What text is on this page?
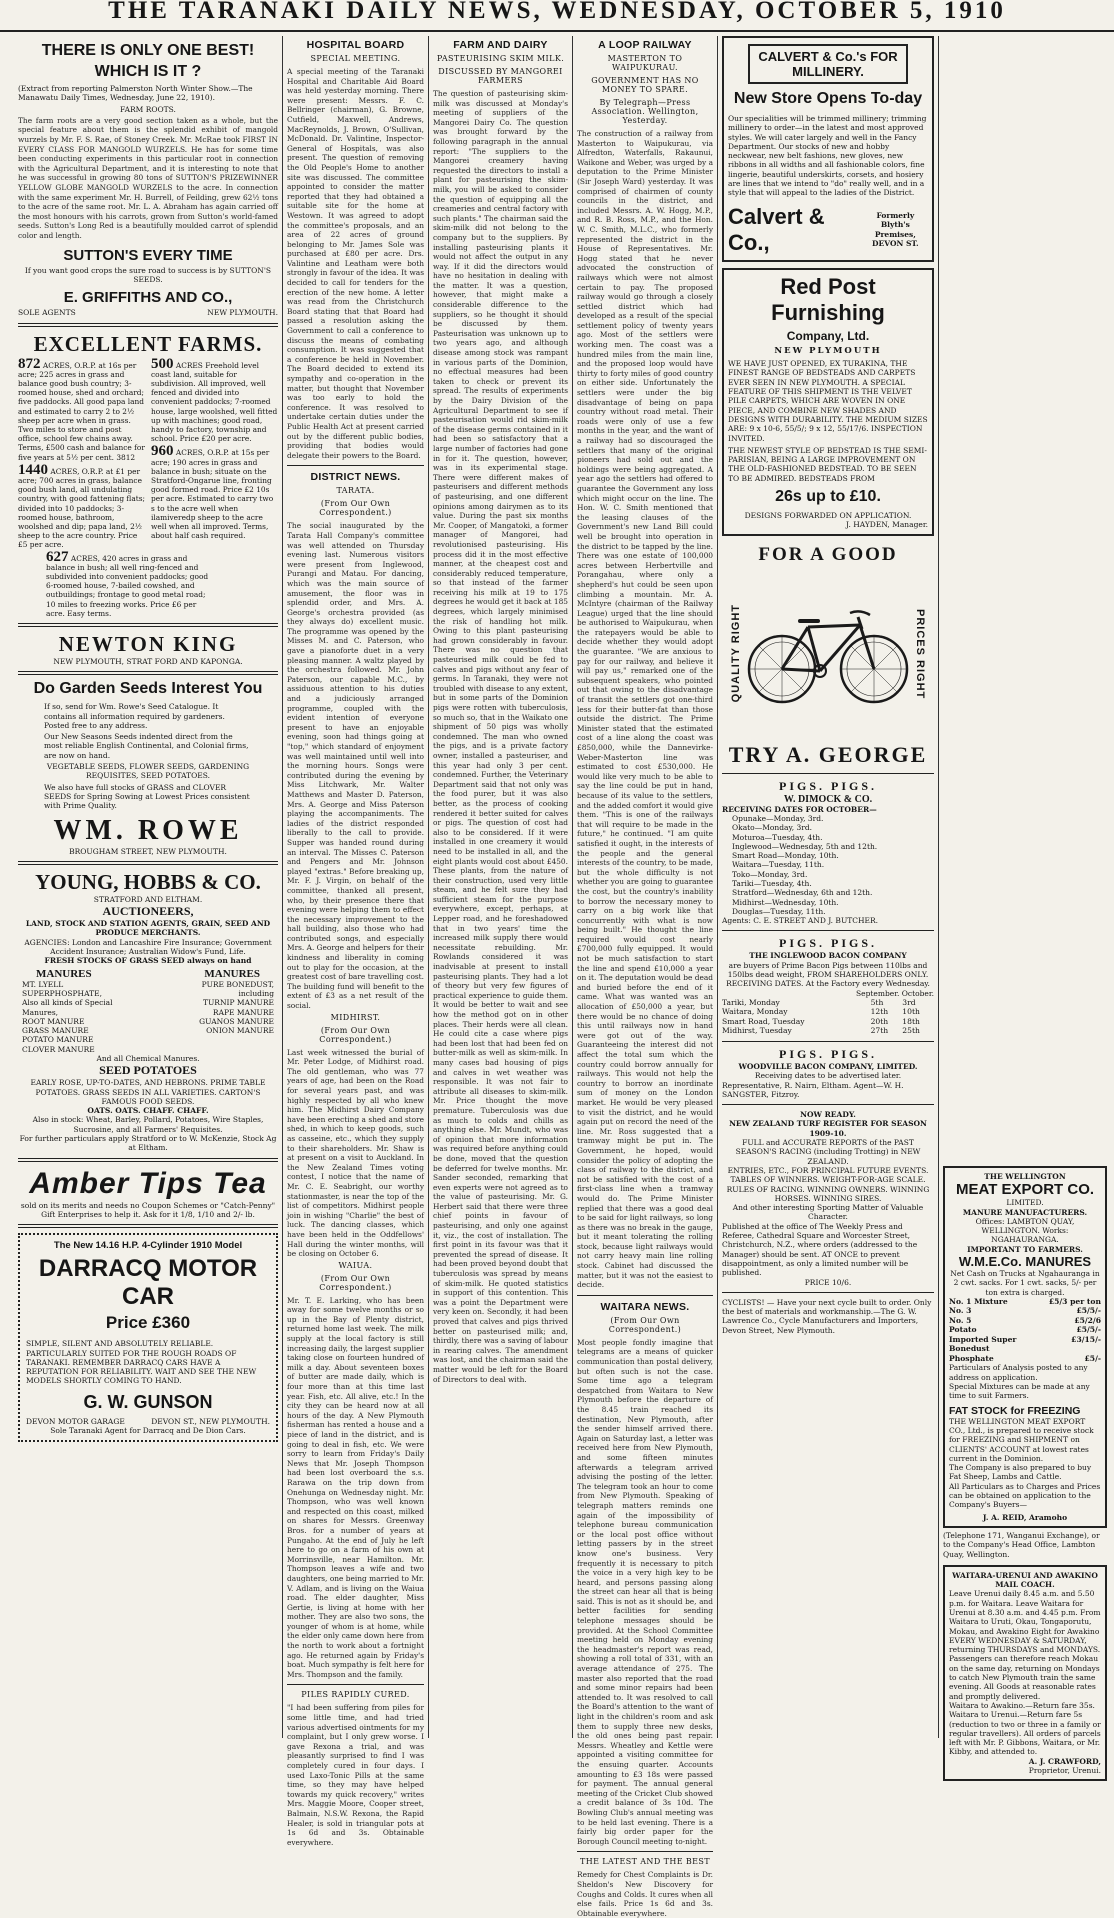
THE TARANAKI DAILY NEWS, WEDNESDAY, OCTOBER 5, 1910
THERE IS ONLY ONE BEST!
WHICH IS IT ?
(Extract from reporting Palmerston North Winter Show.—The Manawatu Daily Times, Wednesday, June 22, 1910).
FARM ROOTS.
The farm roots are a very good section taken as a whole, but the special feature about them is the splendid exhibit of mangold wurzels by Mr. F. S. Rae, of Stoney Creek. Mr. McRae took FIRST IN EVERY CLASS FOR MANGOLD WURZELS. He has for some time been conducting experiments in this particular root in connection with the Agricultural Department, and it is interesting to note that he was successful in growing 80 tons of SUTTON'S PRIZEWINNER YELLOW GLOBE MANGOLD WURZELS to the acre. In connection with the same experiment Mr. H. Burrell, of Feilding, grew 62½ tons to the acre of the same root. Mr. L. A. Abraham has again carried off the most honours with his carrots, grown from Sutton's world-famed seeds. Sutton's Long Red is a beautifully moulded carrot of splendid color and length.
SUTTON'S EVERY TIME
If you want good crops the sure road to success is by SUTTON'S SEEDS.
E. GRIFFITHS AND CO.,
SOLE AGENTS	NEW PLYMOUTH.
EXCELLENT FARMS.
872 ACRES, O.R.P. at 16s per acre; 225 acres in grass and balance good bush country; 3-roomed house, shed and orchard; five paddocks. All good papa land and estimated to carry 2 to 2½ sheep per acre when in grass. Two miles to store and post office, school few chains away. Terms, £500 cash and balance for five years at 5½ per cent. 3812
1440 ACRES, O.R.P. at £1 per acre; 700 acres in grass, balance good bush land, all undulating country, with good fattening flats; divided into 10 paddocks; 3-roomed house, bathroom, woolshed and dip; papa land, 2½ sheep to the acre country. Price £5 per acre.
500 ACRES Freehold level coast land, suitable for subdivision. All improved, well fenced and divided into convenient paddocks; 7-roomed house, large woolshed, well fitted up with machines; good road, handy to factory, township and school. Price £20 per acre.
960 ACRES, O.R.P. at 15s per acre; 190 acres in grass and balance in bush; situate on the Stratford-Ongarue line, fronting good formed road. Price £2 10s per acre. Estimated to carry two s to the acre well when ilamiveredp sheep to the acre well when all improved. Terms, about half cash required.
627 ACRES, 420 acres in grass and balance in bush; all well ring-fenced and subdivided into convenient paddocks; good 6-roomed house, 7-bailed cowshed, and outbuildings; frontage to good metal road; 10 miles to freezing works. Price £6 per acre. Easy terms.
NEWTON KING
NEW PLYMOUTH, STRAT FORD AND KAPONGA.
Do Garden Seeds Interest You
If so, send for Wm. Rowe's Seed Catalogue. It contains all information required by gardeners. Posted free to any address.
Our New Seasons Seeds indented direct from the most reliable English Continental, and Colonial firms, are now on hand.
VEGETABLE SEEDS, FLOWER SEEDS, GARDENING REQUISITES, SEED POTATOES.
We also have full stocks of GRASS and CLOVER SEEDS for Spring Sowing at Lowest Prices consistent with Prime Quality.
WM. ROWE
BROUGHAM STREET, NEW PLYMOUTH.
YOUNG, HOBBS & CO.
STRATFORD AND ELTHAM.
AUCTIONEERS,
LAND, STOCK AND STATION AGENTS, GRAIN, SEED AND PRODUCE MERCHANTS.
AGENCIES: London and Lancashire Fire Insurance; Government Accident Insurance; Australian Widow's Fund, Life.
FRESH STOCKS OF GRASS SEED always on hand
MANURES	MANURES
MT. LYELL SUPERPHOSPHATE,
Also all kinds of Special Manures,
ROOT MANURE
GRASS MANURE
POTATO MANURE
CLOVER MANURE
PURE BONEDUST,
including
TURNIP MANURE
RAPE MANURE
GUANOS MANURE
ONION MANURE
And all Chemical Manures.
SEED POTATOES
EARLY ROSE, UP-TO-DATES, AND HEBRONS. PRIME TABLE POTATOES. GRASS SEEDS IN ALL VARIETIES. CARTON'S FAMOUS FOOD SEEDS.
OATS. OATS. CHAFF. CHAFF.
Also in stock: Wheat, Barley, Pollard, Potatoes, Wire Staples, Sucrosine, and all Farmers' Requisites.
For further particulars apply Stratford or to W. McKenzie, Stock Ag at Eltham.
Amber Tips Tea
sold on its merits and needs no Coupon Schemes or "Catch-Penny" Gift Enterprises to help it. Ask for it 1/8, 1/10 and 2/- lb.
The New 14.16 H.P. 4-Cylinder 1910 Model
DARRACQ MOTOR CAR
Price £360
SIMPLE, SILENT AND ABSOLUTELY RELIABLE. PARTICULARLY SUITED FOR THE ROUGH ROADS OF TARANAKI. REMEMBER DARRACQ CARS HAVE A REPUTATION FOR RELIABILITY. WAIT AND SEE THE NEW MODELS SHORTLY COMING TO HAND.
G. W. GUNSON
DEVON MOTOR GARAGE	DEVON ST., NEW PLYMOUTH.
Sole Taranaki Agent for Darracq and De Dion Cars.
HOSPITAL BOARD
SPECIAL MEETING.
A special meeting of the Taranaki Hospital and Charitable Aid Board was held yesterday morning. There were present: Messrs. F. C. Bellringer (chairman), G. Browne, Cutfield, Maxwell, Andrews, MacReynolds, J. Brown, O'Sullivan, McDonald. Dr. Valintine, Inspector-General of Hospitals, was also present. The question of removing the Old People's Home to another site was discussed. The committee appointed to consider the matter reported that they had obtained a suitable site for the home at Westown. It was agreed to adopt the committee's proposals, and an area of 22 acres of ground belonging to Mr. James Sole was purchased at £80 per acre. Drs. Valintine and Leatham were both strongly in favour of the idea. It was decided to call for tenders for the erection of the new home. A letter was read from the Christchurch Board stating that that Board had passed a resolution asking the Government to call a conference to discuss the means of combating consumption. It was suggested that a conference be held in November. The Board decided to extend its sympathy and co-operation in the matter, but thought that November was too early to hold the conference. It was resolved to undertake certain duties under the Public Health Act at present carried out by the different public bodies, providing that bodies would delegate their powers to the Board.
DISTRICT NEWS.
TARATA.
(From Our Own Correspondent.)
The social inaugurated by the Tarata Hall Company's committee was well attended on Thursday evening last. Numerous visitors were present from Inglewood, Purangi and Matau. For dancing, which was the main source of amusement, the floor was in splendid order, and Mrs. A. George's orchestra provided (as they always do) excellent music. The programme was opened by the Misses M. and C. Paterson, who gave a pianoforte duet in a very pleasing manner. A waltz played by the orchestra followed. Mr. John Paterson, our capable M.C., by assiduous attention to his duties and a judiciously arranged programme, coupled with the evident intention of everyone present to have an enjoyable evening, soon had things going at "top," which standard of enjoyment was well maintained until well into the morning hours. Songs were contributed during the evening by Miss Litchwark, Mr. Walter Matthews and Master D. Paterson, Mrs. A. George and Miss Paterson playing the accompaniments. The ladies of the district responded liberally to the call to provide. Supper was handed round during an interval. The Misses C. Paterson and Pengers and Mr. Johnson played "extras." Before breaking up, Mr. F. J. Virgin, on behalf of the committee, thanked all present, who, by their presence there that evening were helping them to effect the necessary improvement to the hall building, also those who had contributed songs, and especially Mrs. A. George and helpers for their kindness and liberality in coming out to play for the occasion, at the greatest cost of bare travelling cost. The building fund will benefit to the extent of £3 as a net result of the social.
MIDHIRST.
(From Our Own Correspondent.)
Last week witnessed the burial of Mr. Peter Lodge, of Midhirst road. The old gentleman, who was 77 years of age, had been on the Road for several years past, and was highly respected by all who knew him. The Midhirst Dairy Company have been erecting a shed and store shed, in which to keep goods, such as casseine, etc., which they supply to their shareholders. Mr. Shaw is at present on a visit to Auckland. In the New Zealand Times voting contest, I notice that the name of Mr. C. E. Seabright, our worthy stationmaster, is near the top of the list of competitors. Midhirst people join in wishing "Charlie" the best of luck. The dancing classes, which have been held in the Oddfellows' Hall during the winter months, will be closing on October 6.
WAIUA.
(From Our Own Correspondent.)
Mr. T. E. Larking, who has been away for some twelve months or so up in the Bay of Plenty district, returned home last week. The milk supply at the local factory is still increasing daily, the largest supplier taking close on fourteen hundred of milk a day. About seventeen boxes of butter are made daily, which is four more than at this time last year. Fish, etc. All alive, etc.! In the city they can be heard now at all hours of the day. A New Plymouth fisherman has rented a house and a piece of land in the district, and is going to deal in fish, etc. We were sorry to learn from Friday's Daily News that Mr. Joseph Thompson had been lost overboard the s.s. Rarawa on the trip down from Onehunga on Wednesday night. Mr. Thompson, who was well known and respected on this coast, milked on shares for Messrs. Greenway Bros. for a number of years at Pungaho. At the end of July he left here to go on a farm of his own at Morrinsville, near Hamilton. Mr. Thompson leaves a wife and two daughters, one being married to Mr. V. Adlam, and is living on the Waiua road. The elder daughter, Miss Gertie, is living at home with her mother. They are also two sons, the younger of whom is at home, while the elder only came down here from the north to work about a fortnight ago. He returned again by Friday's boat. Much sympathy is felt here for Mrs. Thompson and the family.
PILES RAPIDLY CURED.
"I had been suffering from piles for some little time, and had tried various advertised ointments for my complaint, but I only grew worse. I gave Rexona a trial, and was pleasantly surprised to find I was completely cured in four days. I used Laxo-Tonic Pills at the same time, so they may have helped towards my quick recovery," writes Mrs. Maggie Moore, Cooper street, Balmain, N.S.W. Rexona, the Rapid Healer, is sold in triangular pots at 1s 6d and 3s. Obtainable everywhere.
FARM AND DAIRY
PASTEURISING SKIM MILK.
DISCUSSED BY MANGOREI FARMERS
The question of pasteurising skim-milk was discussed at Monday's meeting of suppliers of the Mangorei Dairy Co. The question was brought forward by the following paragraph in the annual report: "The suppliers to the Mangorei creamery having requested the directors to install a plant for pasteurising the skim-milk, you will be asked to consider the question of equipping all the creameries and central factory with such plants." The chairman said the skim-milk did not belong to the company but to the suppliers. By installing pasteurising plants it would not affect the output in any way. If it did the directors would have no hesitation in dealing with the matter. It was a question, however, that might make a considerable difference to the suppliers, so he thought it should be discussed by them. Pasteurisation was unknown up to two years ago, and although disease among stock was rampant in various parts of the Dominion, no effectual measures had been taken to check or prevent its spread. The results of experiments by the Dairy Division of the Agricultural Department to see if pasteurisation would rid skim-milk of the disease germs contained in it had been so satisfactory that a large number of factories had gone in for it. The question, however, was in its experimental stage. There were different makes of pasteurisers and different methods of pasteurising, and one different opinions among dairymen as to its value. During the past six months Mr. Cooper, of Mangatoki, a former manager of Mangorei, had revolutionised pasteurising. His process did it in the most effective manner, at the cheapest cost and considerably reduced temperature, so that instead of the farmer receiving his milk at 19 to 175 degrees he would get it back at 185 degrees, which largely minimised the risk of handling hot milk. Owing to this plant pasteurising had grown considerably in favour. There was no question that pasteurised milk could be fed to calves and pigs without any fear of germs. In Taranaki, they were not troubled with disease to any extent, but in some parts of the Dominion pigs were rotten with tuberculosis, so much so, that in the Waikato one shipment of 50 pigs was wholly condemned. The man who owned the pigs, and is a private factory owner, installed a pasteuriser, and this year had only 3 per cent. condemned. Further, the Veterinary Department said that not only was the food purer, but it was also better, as the process of cooking rendered it better suited for calves or pigs. The question of cost had also to be considered. If it were installed in one creamery it would need to be installed in all, and the eight plants would cost about £450. These plants, from the nature of their construction, used very little steam, and he felt sure they had sufficient steam for the purpose everywhere, except, perhaps, at Lepper road, and he foreshadowed that in two years' time the increased milk supply there would necessitate rebuilding. Mr. Rowlands considered it was inadvisable at present to install pasteurising plants. They had a lot of theory but very few figures of practical experience to guide them. It would be better to wait and see how the method got on in other places. Their herds were all clean. He could cite a case where pigs had been lost that had been fed on butter-milk as well as skim-milk. In many cases bad housing of pigs and calves in wet weather was responsible. It was not fair to attribute all diseases to skim-milk. Mr. Price thought the move premature. Tuberculosis was due as much to colds and chills as anything else. Mr. Mundt, who was of opinion that more information was required before anything could be done, moved that the question be deferred for twelve months. Mr. Sander seconded, remarking that even experts were not agreed as to the value of pasteurising. Mr. G. Herbert said that there were three chief points in favour of pasteurising, and only one against it, viz., the cost of installation. The first point in its favour was that it prevented the spread of disease. It had been proved beyond doubt that tuberculosis was spread by means of skim-milk. He quoted statistics in support of this contention. This was a point the Department were very keen on. Secondly, it had been proved that calves and pigs thrived better on pasteurised milk; and, thirdly, there was a saving of labour in rearing calves. The amendment was lost, and the chairman said the matter would be left for the Board of Directors to deal with.
A LOOP RAILWAY
MASTERTON TO WAIPUKURAU.
GOVERNMENT HAS NO MONEY TO SPARE.
By Telegraph—Press Association. Wellington, Yesterday.
The construction of a railway from Masterton to Waipukurau, via Alfredton, Waterfalls, Rakaunui, Waikone and Weber, was urged by a deputation to the Prime Minister (Sir Joseph Ward) yesterday. It was comprised of chairmen of county councils in the district, and included Messrs. A. W. Hogg, M.P., and R. B. Ross, M.P., and the Hon. W. C. Smith, M.L.C., who formerly represented the district in the House of Representatives. Mr. Hogg stated that he never advocated the construction of railways which were not almost certain to pay. The proposed railway would go through a closely settled district which had developed as a result of the special settlement policy of twenty years ago. Most of the settlers were working men. The coast was a hundred miles from the main line, and the proposed loop would have thirty to forty miles of good country on either side. Unfortunately the settlers were under the big disadvantage of being on papa country without road metal. Their roads were only of use a few months in the year, and the want of a railway had so discouraged the settlers that many of the original pioneers had sold out and the holdings were being aggregated. A year ago the settlers had offered to guarantee the Government any loss which might occur on the line. The Hon. W. C. Smith mentioned that the leasing clauses of the Government's new Land Bill could well be brought into operation in the district to be tapped by the line. There was one estate of 100,000 acres between Herbertville and Porangahau, where only a shepherd's hut could be seen upon climbing a mountain. Mr. A. McIntyre (chairman of the Railway League) urged that the line should be authorised to Waipukurau, when the ratepayers would be able to decide whether they would adopt the guarantee. "We are anxious to pay for our railway, and believe it will pay us," remarked one of the subsequent speakers, who pointed out that owing to the disadvantage of transit the settlers got one-third less for their butter-fat than those outside the district. The Prime Minister stated that the estimated cost of a line along the coast was £850,000, while the Dannevirke-Weber-Masterton line was estimated to cost £530,000. He would like very much to be able to say the line could be put in hand, because of its value to the settlers, and the added comfort it would give them. "This is one of the railways that will require to be made in the future," he continued. "I am quite satisfied it ought, in the interests of the people and the general interests of the country, to be made, but the whole difficulty is not whether you are going to guarantee the cost, but the country's inability to borrow the necessary money to carry on a big work like that concurrently with what is now being built." He thought the line required would cost nearly £700,000 fully equipped. It would not be much satisfaction to start the line and spend £10,000 a year on it. The deputation would be dead and buried before the end of it came. What was wanted was an allocation of £50,000 a year, but there would be no chance of doing this until railways now in hand were got out of the way. Guaranteeing the interest did not affect the total sum which the country could borrow annually for railways. This would not help the country to borrow an inordinate sum of money on the London market. He would be very pleased to visit the district, and he would again put on record the need of the line. Mr. Ross suggested that a tramway might be put in. The Government, he hoped, would consider the policy of adopting the class of railway to the district, and not be satisfied with the cost of a first-class line when a tramway would do. The Prime Minister replied that there was a good deal to be said for light railways, so long as there was no break in the gauge, but it meant tolerating the rolling stock, because light railways would not carry heavy main line rolling stock. Cabinet had discussed the matter, but it was not the easiest to decide.
WAITARA NEWS.
(From Our Own Correspondent.)
Most people fondly imagine that telegrams are a means of quicker communication than postal delivery, but often such is not the case. Some time ago a telegram despatched from Waitara to New Plymouth before the departure of the 8.45 train reached its destination, New Plymouth, after the sender himself arrived there. Again on Saturday last, a letter was received here from New Plymouth, and some fifteen minutes afterwards a telegram arrived advising the posting of the letter. The telegram took an hour to come from New Plymouth. Speaking of telegraph matters reminds one again of the impossibility of telephone bureau communication or the local post office without letting passers by in the street know one's business. Very frequently it is necessary to pitch the voice in a very high key to be heard, and persons passing along the street can hear all that is being said. This is not as it should be, and better facilities for sending telephone messages should be provided. At the School Committee meeting held on Monday evening the headmaster's report was read, showing a roll total of 331, with an average attendance of 275. The master also reported that the road and some minor repairs had been attended to. It was resolved to call the Board's attention to the want of light in the children's room and ask them to supply three new desks, the old ones being past repair. Messrs. Wheatley and Kettle were appointed a visiting committee for the ensuing quarter. Accounts amounting to £3 18s were passed for payment. The annual general meeting of the Cricket Club showed a credit balance of 3s 10d. The Bowling Club's annual meeting was to be held last evening. There is a fairly big order paper for the Borough Council meeting to-night.
THE LATEST AND THE BEST
Remedy for Chest Complaints is Dr. Sheldon's New Discovery for Coughs and Colds. It cures when all else fails. Price 1s 6d and 3s. Obtainable everywhere.
CALVERT & Co.'s FOR MILLINERY.
New Store Opens To-day
Our specialities will be trimmed millinery; trimming millinery to order—in the latest and most approved styles. We will cater largely and well in the Fancy Department. Our stocks of new and hobby neckwear, new belt fashions, new gloves, new ribbons in all widths and all fashionable colors, fine lingerie, beautiful underskirts, corsets, and hosiery are lines that we intend to "do" really well, and in a style that will appeal to the ladies of the District.
Calvert & Co.,
Formerly Blyth's Premises, DEVON ST.
Red Post Furnishing
Company, Ltd.
NEW PLYMOUTH
WE HAVE JUST OPENED, EX TURAKINA, THE FINEST RANGE OF BEDSTEADS AND CARPETS EVER SEEN IN NEW PLYMOUTH. A SPECIAL FEATURE OF THIS SHIPMENT IS THE VELVET PILE CARPETS, WHICH ARE WOVEN IN ONE PIECE, AND COMBINE NEW SHADES AND DESIGNS WITH DURABILITY. THE MEDIUM SIZES ARE: 9 x 10-6, 55/5/; 9 x 12, 55/17/6. INSPECTION INVITED.
THE NEWEST STYLE OF BEDSTEAD IS THE SEMI-PARISIAN, BEING A LARGE IMPROVEMENT ON THE OLD-FASHIONED BEDSTEAD. TO BE SEEN TO BE ADMIRED. BEDSTEADS FROM
26s up to £10.
DESIGNS FORWARDED ON APPLICATION.
J. HAYDEN, Manager.
FOR A GOOD
QUALITY RIGHT	PRICES RIGHT
TRY A. GEORGE
PIGS. PIGS.
W. DIMOCK & CO.
RECEIVING DATES FOR OCTOBER—
Opunake—Monday, 3rd.
Okato—Monday, 3rd.
Moturoa—Tuesday, 4th.
Inglewood—Wednesday, 5th and 12th.
Smart Road—Monday, 10th.
Waitara—Tuesday, 11th.
Toko—Monday, 3rd.
Tariki—Tuesday, 4th.
Stratford—Wednesday, 6th and 12th.
Midhirst—Wednesday, 10th.
Douglas—Tuesday, 11th.
Agents: C. E. STREET AND J. BUTCHER.
PIGS. PIGS.
THE INGLEWOOD BACON COMPANY
are buyers of Prime Bacon Pigs between 110lbs and 150lbs dead weight, FROM SHAREHOLDERS ONLY.
RECEIVING DATES. At the Factory every Wednesday.
September. October.
Tariki, Monday	5th	3rd
Waitara, Monday	12th	10th
Smart Road, Tuesday	20th	18th
Midhirst, Tuesday	27th	25th
PIGS. PIGS.
WOODVILLE BACON COMPANY, LIMITED.
Receiving dates to be advertised later.
Representative, R. Nairn, Eltham. Agent—W. H. SANGSTER, Fitzroy.
NOW READY.
NEW ZEALAND TURF REGISTER FOR SEASON 1909-10.
FULL and ACCURATE REPORTS of the PAST SEASON'S RACING (including Trotting) in NEW ZEALAND.
ENTRIES, ETC., FOR PRINCIPAL FUTURE EVENTS. TABLES OF WINNERS. WEIGHT-FOR-AGE SCALE. RULES OF RACING. WINNING OWNERS. WINNING HORSES. WINNING SIRES.
And other interesting Sporting Matter of Valuable Character.
Published at the office of The Weekly Press and Referee, Cathedral Square and Worcester Street, Christchurch, N.Z., where orders (addressed to the Manager) should be sent. AT ONCE to prevent disappointment, as only a limited number will be published.
PRICE 10/6.
CYCLISTS! — Have your next cycle built to order. Only the best of materials and workmanship.—The G. W. Lawrence Co., Cycle Manufacturers and Importers, Devon Street, New Plymouth.
THE WELLINGTON
MEAT EXPORT CO.
LIMITED.
MANURE MANUFACTURERS.
Offices: LAMBTON QUAY, WELLINGTON. Works: NGAHAURANGA.
IMPORTANT TO FARMERS.
W.M.E.Co. MANURES
Net Cash on Trucks at Ngahauranga in 2 cwt. sacks. For 1 cwt. sacks, 5/- per ton extra is charged.
No. 1 Mixture	£5/3 per ton
No. 3	£5/5/-
No. 5	£5/2/6
Potato	£5/5/-
Imported Super	£3/15/-
Bonedust	
Phosphate	£5/-
Particulars of Analysis posted to any address on application.
Special Mixtures can be made at any time to suit Farmers.
FAT STOCK for FREEZING
THE WELLINGTON MEAT EXPORT CO., Ltd., is prepared to receive stock for FREEZING and SHIPMENT on CLIENTS' ACCOUNT at lowest rates current in the Dominion.
The Company is also prepared to buy Fat Sheep, Lambs and Cattle.
All Particulars as to Charges and Prices can be obtained on application to the Company's Buyers—
J. A. REID, Aramoho
(Telephone 171, Wanganui Exchange), or to the Company's Head Office, Lambton Quay, Wellington.
WAITARA-URENUI AND AWAKINO MAIL COACH.
Leave Urenui daily 8.45 a.m. and 5.50 p.m. for Waitara. Leave Waitara for Urenui at 8.30 a.m. and 4.45 p.m. From Waitara to Uruti, Okau, Tongaporutu, Mokau, and Awakino Eight for Awakino EVERY WEDNESDAY & SATURDAY, returning THURSDAYS and MONDAYS.
Passengers can therefore reach Mokau on the same day, returning on Mondays to catch New Plymouth train the same evening. All Goods at reasonable rates and promptly delivered.
Waitara to Awakino.—Return fare 35s. Waitara to Urenui.—Return fare 5s (reduction to two or three in a family or regular travellers). All orders of parcels left with Mr. P. Gibbons, Waitara, or Mr. Kibby, and attended to.
A. J. CRAWFORD,
Proprietor, Urenui.
